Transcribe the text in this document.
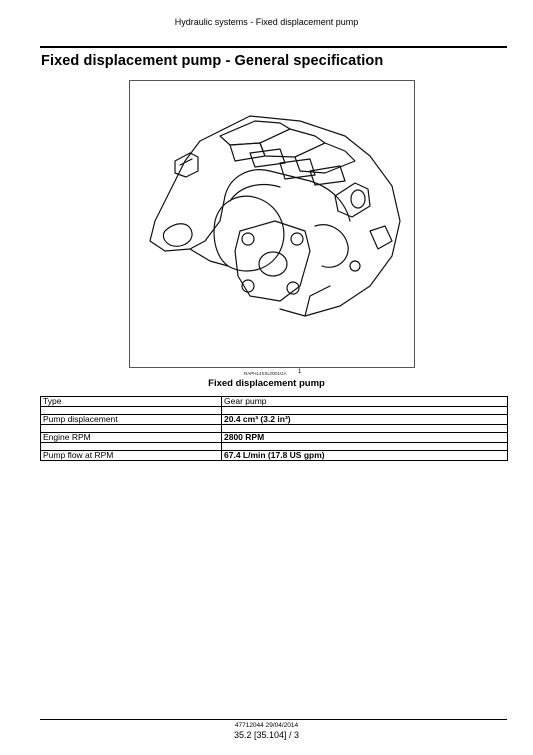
Hydraulic systems - Fixed displacement pump
Fixed displacement pump - General specification
RAPH14SSL0001GA 1
Fixed displacement pump
Type	Gear pump

Pump displacement	20.4 cm³ (3.2 in³)

Engine RPM	2800 RPM

Pump flow at RPM	67.4 L/min (17.8 US gpm)
47712044 29/04/2014
35.2 [35.104] / 3
